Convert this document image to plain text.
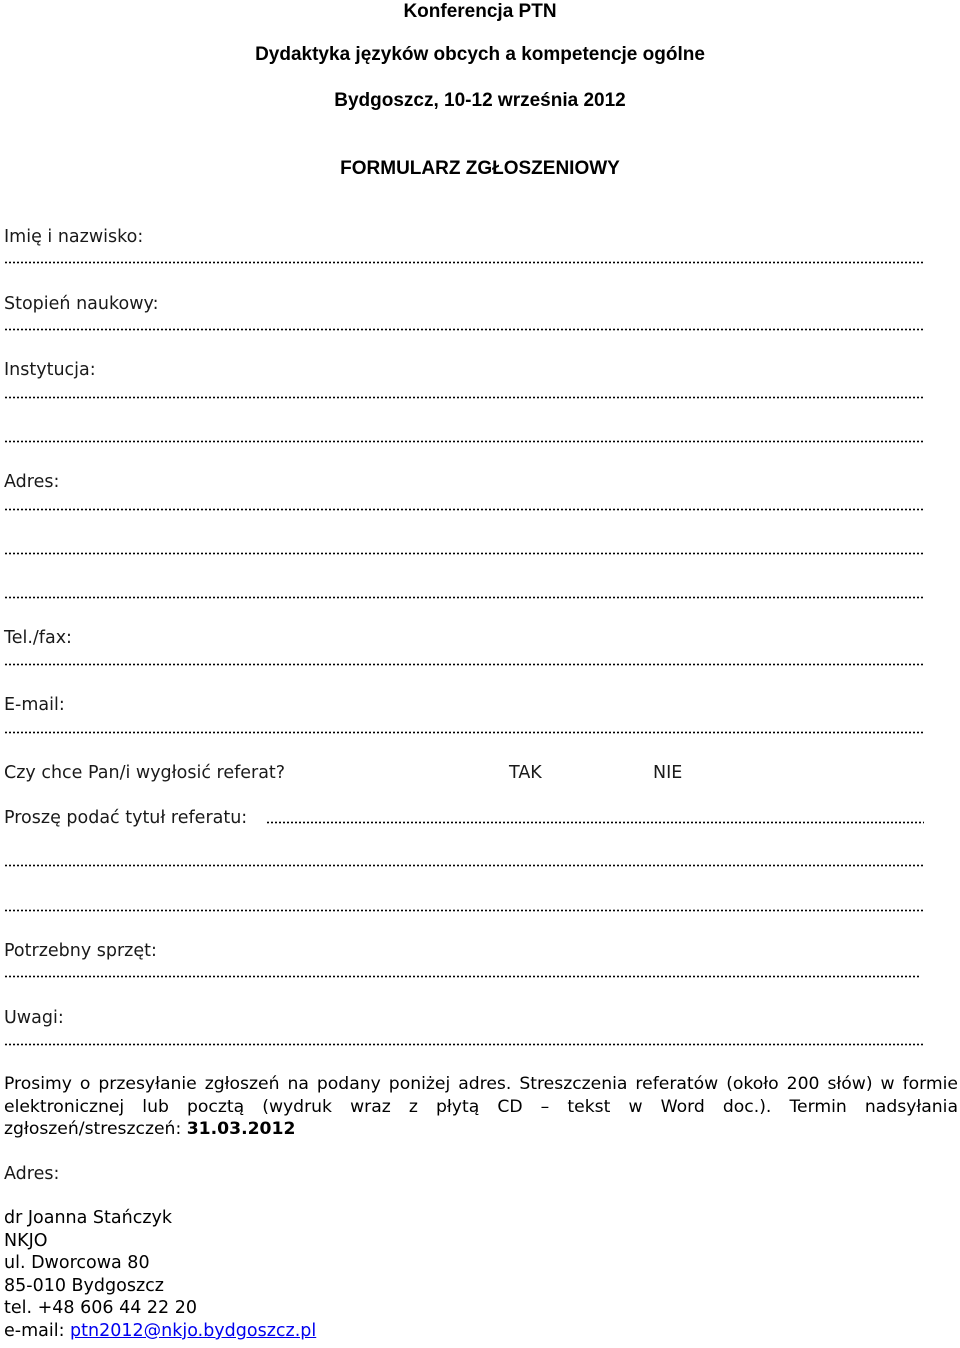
Konferencja PTN
Dydaktyka języków obcych a kompetencje ogólne
Bydgoszcz, 10-12 września 2012
FORMULARZ ZGŁOSZENIOWY
Imię i nazwisko:
Stopień naukowy:
Instytucja:
Adres:
Tel./fax:
E-mail:
Czy chce Pan/i wygłosić referat?	TAK	NIE
Proszę podać tytuł referatu:
Potrzebny sprzęt:
Uwagi:

Prosimy o przesyłanie zgłoszeń na podany poniżej adres. Streszczenia referatów (około 200 słów) w formie elektronicznej lub pocztą (wydruk wraz z płytą CD – tekst w Word doc.). Termin nadsyłania zgłoszeń/streszczeń: 31.03.2012

Adres:
dr Joanna Stańczyk
NKJO
ul. Dworcowa 80
85-010 Bydgoszcz
tel. +48 606 44 22 20
e-mail: ptn2012@nkjo.bydgoszcz.pl
